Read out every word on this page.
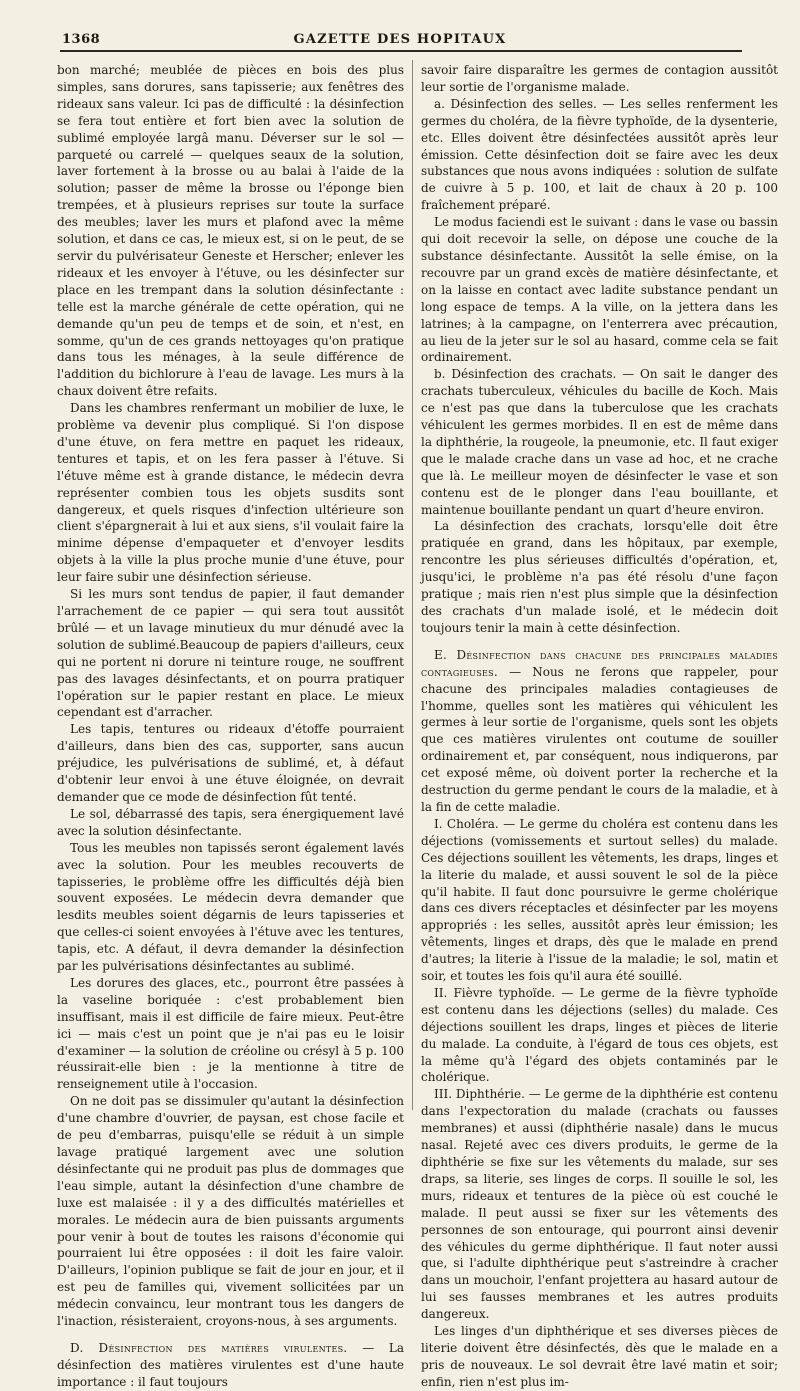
1368	GAZETTE DES HOPITAUX

bon marché; meublée de pièces en bois des plus simples, sans dorures, sans tapisserie; aux fenêtres des rideaux sans valeur. Ici pas de difficulté : la désinfection se fera tout entière et fort bien avec la solution de sublimé employée largâ manu. Déverser sur le sol — parqueté ou carrelé — quelques seaux de la solution, laver fortement à la brosse ou au balai à l'aide de la solution; passer de même la brosse ou l'éponge bien trempées, et à plusieurs reprises sur toute la surface des meubles; laver les murs et plafond avec la même solution, et dans ce cas, le mieux est, si on le peut, de se servir du pulvérisateur Geneste et Herscher; enlever les rideaux et les envoyer à l'étuve, ou les désinfecter sur place en les trempant dans la solution désinfectante : telle est la marche générale de cette opération, qui ne demande qu'un peu de temps et de soin, et n'est, en somme, qu'un de ces grands nettoyages qu'on pratique dans tous les ménages, à la seule différence de l'addition du bichlorure à l'eau de lavage. Les murs à la chaux doivent être refaits.

Dans les chambres renfermant un mobilier de luxe, le problème va devenir plus compliqué. Si l'on dispose d'une étuve, on fera mettre en paquet les rideaux, tentures et tapis, et on les fera passer à l'étuve. Si l'étuve même est à grande distance, le médecin devra représenter combien tous les objets susdits sont dangereux, et quels risques d'infection ultérieure son client s'épargnerait à lui et aux siens, s'il voulait faire la minime dépense d'empaqueter et d'envoyer lesdits objets à la ville la plus proche munie d'une étuve, pour leur faire subir une désinfection sérieuse.

Si les murs sont tendus de papier, il faut demander l'arrachement de ce papier — qui sera tout aussitôt brûlé — et un lavage minutieux du mur dénudé avec la solution de sublimé.Beaucoup de papiers d'ailleurs, ceux qui ne portent ni dorure ni teinture rouge, ne souffrent pas des lavages désinfectants, et on pourra pratiquer l'opération sur le papier restant en place. Le mieux cependant est d'arracher.

Les tapis, tentures ou rideaux d'étoffe pourraient d'ailleurs, dans bien des cas, supporter, sans aucun préjudice, les pulvérisations de sublimé, et, à défaut d'obtenir leur envoi à une étuve éloignée, on devrait demander que ce mode de désinfection fût tenté.

Le sol, débarrassé des tapis, sera énergiquement lavé avec la solution désinfectante.

Tous les meubles non tapissés seront également lavés avec la solution. Pour les meubles recouverts de tapisseries, le problème offre les difficultés déjà bien souvent exposées. Le médecin devra demander que lesdits meubles soient dégarnis de leurs tapisseries et que celles-ci soient envoyées à l'étuve avec les tentures, tapis, etc. A défaut, il devra demander la désinfection par les pulvérisations désinfectantes au sublimé.

Les dorures des glaces, etc., pourront être passées à la vaseline boriquée : c'est probablement bien insuffisant, mais il est difficile de faire mieux. Peut-être ici — mais c'est un point que je n'ai pas eu le loisir d'examiner — la solution de créoline ou crésyl à 5 p. 100 réussirait-elle bien : je la mentionne à titre de renseignement utile à l'occasion.

On ne doit pas se dissimuler qu'autant la désinfection d'une chambre d'ouvrier, de paysan, est chose facile et de peu d'embarras, puisqu'elle se réduit à un simple lavage pratiqué largement avec une solution désinfectante qui ne produit pas plus de dommages que l'eau simple, autant la désinfection d'une chambre de luxe est malaisée : il y a des difficultés matérielles et morales. Le médecin aura de bien puissants arguments pour venir à bout de toutes les raisons d'économie qui pourraient lui être opposées : il doit les faire valoir. D'ailleurs, l'opinion publique se fait de jour en jour, et il est peu de familles qui, vivement sollicitées par un médecin convaincu, leur montrant tous les dangers de l'inaction, résisteraient, croyons-nous, à ses arguments.

D. Désinfection des matières virulentes. — La désinfection des matières virulentes est d'une haute importance : il faut toujours

savoir faire disparaître les germes de contagion aussitôt leur sortie de l'organisme malade.

a. Désinfection des selles. — Les selles renferment les germes du choléra, de la fièvre typhoïde, de la dysenterie, etc. Elles doivent être désinfectées aussitôt après leur émission. Cette désinfection doit se faire avec les deux substances que nous avons indiquées : solution de sulfate de cuivre à 5 p. 100, et lait de chaux à 20 p. 100 fraîchement préparé.

Le modus faciendi est le suivant : dans le vase ou bassin qui doit recevoir la selle, on dépose une couche de la substance désinfectante. Aussitôt la selle émise, on la recouvre par un grand excès de matière désinfectante, et on la laisse en contact avec ladite substance pendant un long espace de temps. A la ville, on la jettera dans les latrines; à la campagne, on l'enterrera avec précaution, au lieu de la jeter sur le sol au hasard, comme cela se fait ordinairement.

b. Désinfection des crachats. — On sait le danger des crachats tuberculeux, véhicules du bacille de Koch. Mais ce n'est pas que dans la tuberculose que les crachats véhiculent les germes morbides. Il en est de même dans la diphthérie, la rougeole, la pneumonie, etc. Il faut exiger que le malade crache dans un vase ad hoc, et ne crache que là. Le meilleur moyen de désinfecter le vase et son contenu est de le plonger dans l'eau bouillante, et maintenue bouillante pendant un quart d'heure environ.

La désinfection des crachats, lorsqu'elle doit être pratiquée en grand, dans les hôpitaux, par exemple, rencontre les plus sérieuses difficultés d'opération, et, jusqu'ici, le problème n'a pas été résolu d'une façon pratique ; mais rien n'est plus simple que la désinfection des crachats d'un malade isolé, et le médecin doit toujours tenir la main à cette désinfection.

E. Désinfection dans chacune des principales maladies contagieuses. — Nous ne ferons que rappeler, pour chacune des principales maladies contagieuses de l'homme, quelles sont les matières qui véhiculent les germes à leur sortie de l'organisme, quels sont les objets que ces matières virulentes ont coutume de souiller ordinairement et, par conséquent, nous indiquerons, par cet exposé même, où doivent porter la recherche et la destruction du germe pendant le cours de la maladie, et à la fin de cette maladie.

I. Choléra. — Le germe du choléra est contenu dans les déjections (vomissements et surtout selles) du malade. Ces déjections souillent les vêtements, les draps, linges et la literie du malade, et aussi souvent le sol de la pièce qu'il habite. Il faut donc poursuivre le germe cholérique dans ces divers réceptacles et désinfecter par les moyens appropriés : les selles, aussitôt après leur émission; les vêtements, linges et draps, dès que le malade en prend d'autres; la literie à l'issue de la maladie; le sol, matin et soir, et toutes les fois qu'il aura été souillé.

II. Fièvre typhoïde. — Le germe de la fièvre typhoïde est contenu dans les déjections (selles) du malade. Ces déjections souillent les draps, linges et pièces de literie du malade. La conduite, à l'égard de tous ces objets, est la même qu'à l'égard des objets contaminés par le cholérique.

III. Diphthérie. — Le germe de la diphthérie est contenu dans l'expectoration du malade (crachats ou fausses membranes) et aussi (diphthérie nasale) dans le mucus nasal. Rejeté avec ces divers produits, le germe de la diphthérie se fixe sur les vêtements du malade, sur ses draps, sa literie, ses linges de corps. Il souille le sol, les murs, rideaux et tentures de la pièce où est couché le malade. Il peut aussi se fixer sur les vêtements des personnes de son entourage, qui pourront ainsi devenir des véhicules du germe diphthérique. Il faut noter aussi que, si l'adulte diphthérique peut s'astreindre à cracher dans un mouchoir, l'enfant projettera au hasard autour de lui ses fausses membranes et les autres produits dangereux.

Les linges d'un diphthérique et ses diverses pièces de literie doivent être désinfectés, dès que le malade en a pris de nouveaux. Le sol devrait être lavé matin et soir; enfin, rien n'est plus im-
